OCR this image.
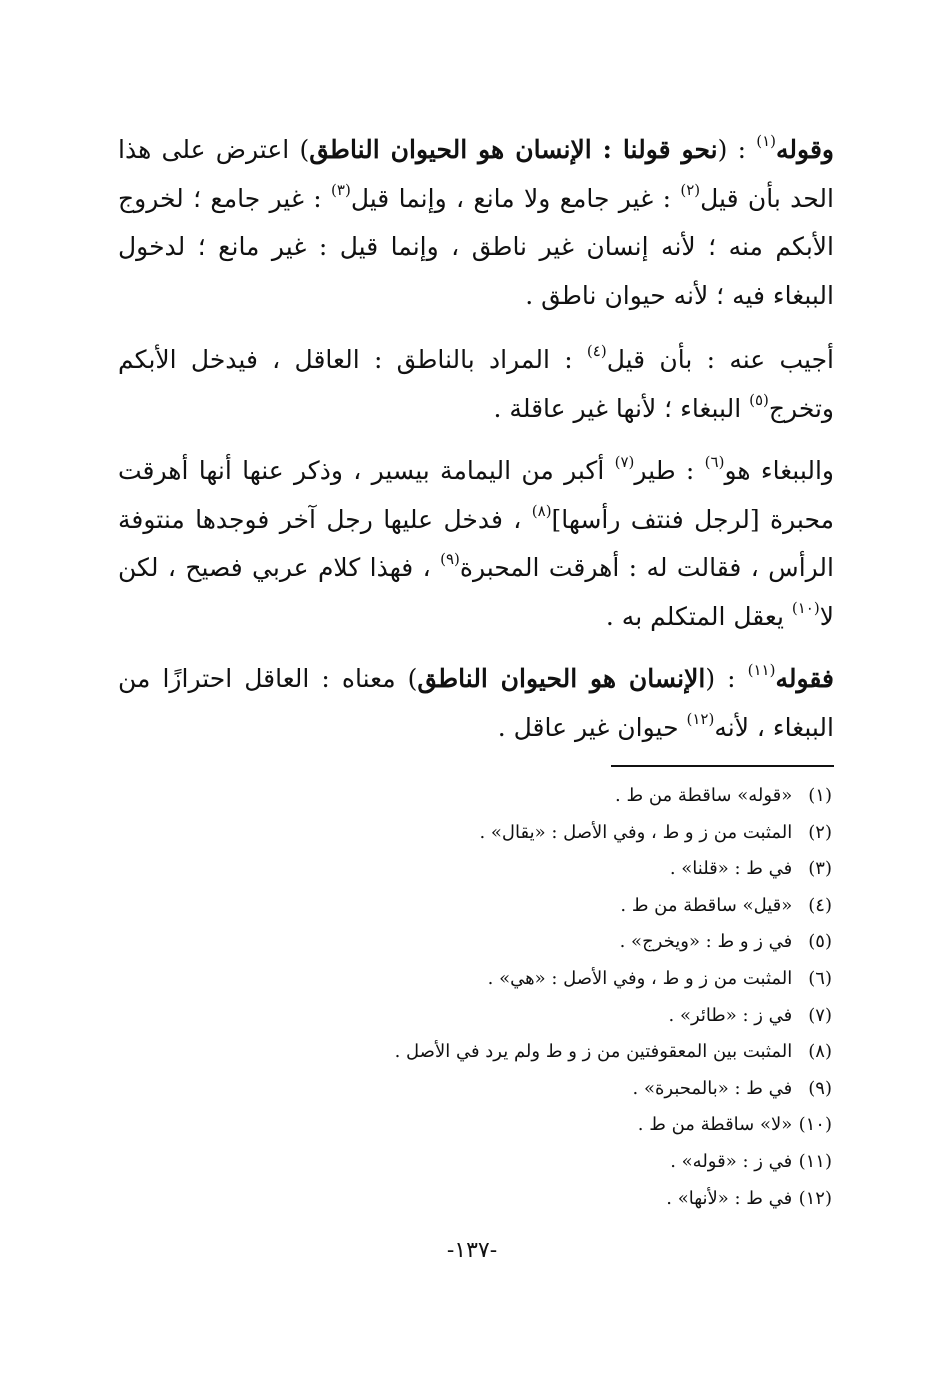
وقوله$^{(١)}$ : (نحو قولنا : الإنسان هو الحيوان الناطق) اعترض على هذا الحد بأن قيل$^{(٢)}$ : غير جامع ولا مانع ، وإنما قيل$^{(٣)}$ : غير جامع ؛ لخروج الأبكم منه ؛ لأنه إنسان غير ناطق ، وإنما قيل : غير مانع ؛ لدخول الببغاء فيه ؛ لأنه حيوان ناطق .

أجيب عنه : بأن قيل$^{(٤)}$ : المراد بالناطق : العاقل ، فيدخل الأبكم وتخرج$^{(٥)}$ الببغاء ؛ لأنها غير عاقلة .

والببغاء هو$^{(٦)}$ : طير$^{(٧)}$ أكبر من اليمامة بيسير ، وذكر عنها أنها أهرقت محبرة [لرجل فنتف رأسها]$^{(٨)}$ ، فدخل عليها رجل آخر فوجدها منتوفة الرأس ، فقالت له : أهرقت المحبرة$^{(٩)}$ ، فهذا كلام عربي فصيح ، لكن لا$^{(١٠)}$ يعقل المتكلم به .

فقوله$^{(١١)}$ : (الإنسان هو الحيوان الناطق) معناه : العاقل احترازًا من الببغاء ، لأنه$^{(١٢)}$ حيوان غير عاقل .

(١) «قوله» ساقطة من ط .
(٢) المثبت من ز و ط ، وفي الأصل : «يقال» .
(٣) في ط : «قلنا» .
(٤) «قيل» ساقطة من ط .
(٥) في ز و ط : «ويخرج» .
(٦) المثبت من ز و ط ، وفي الأصل : «هي» .
(٧) في ز : «طائر» .
(٨) المثبت بين المعقوفتين من ز و ط ولم يرد في الأصل .
(٩) في ط : «بالمحبرة» .
(١٠) «لا» ساقطة من ط .
(١١) في ز : «قوله» .
(١٢) في ط : «لأنها» .
-١٣٧-
